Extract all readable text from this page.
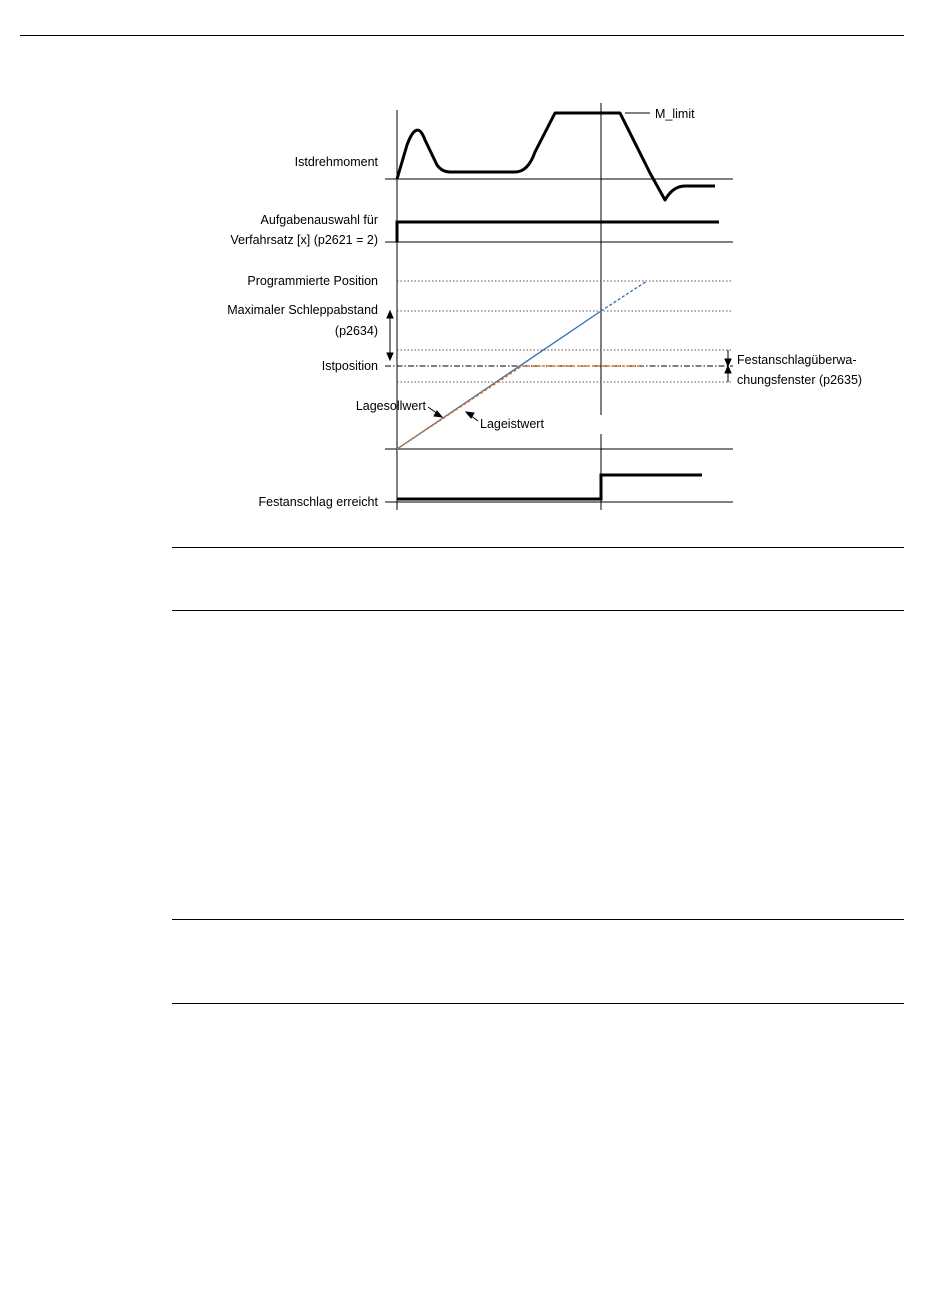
Istdrehmoment
M_limit
Aufgabenauswahl für
Verfahrsatz [x] (p2621 = 2)
Programmierte Position
Maximaler Schleppabstand
(p2634)
Istposition	Festanschlagüberwa-
chungsfenster (p2635)
Lagesollwert
Lageistwert
Festanschlag erreicht
